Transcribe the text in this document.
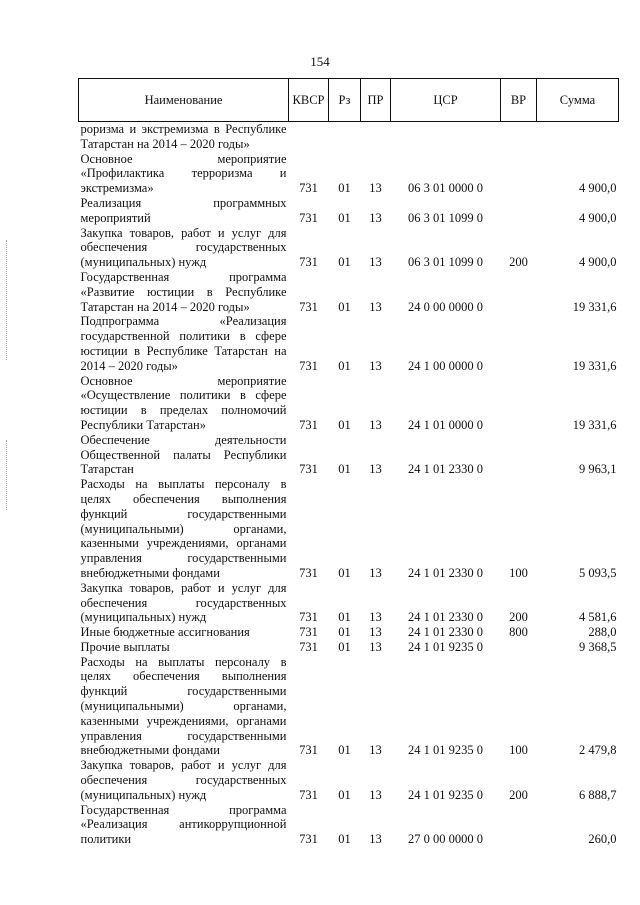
154
Наименование	КВСР	Рз	ПР	ЦСР	ВР	Сумма
роризма и экстремизма в Республике Татарстан на 2014 – 2020 годы»						
Основное мероприятие «Профилактика терроризма и экстремизма»	731	01	13	06 3 01 0000 0		4 900,0
Реализация программных мероприятий	731	01	13	06 3 01 1099 0		4 900,0
Закупка товаров, работ и услуг для обеспечения государственных (муниципальных) нужд	731	01	13	06 3 01 1099 0	200	4 900,0
Государственная программа «Развитие юстиции в Республике Татарстан на 2014 – 2020 годы»	731	01	13	24 0 00 0000 0		19 331,6
Подпрограмма «Реализация государственной политики в сфере юстиции в Республике Татарстан на 2014 – 2020 годы»	731	01	13	24 1 00 0000 0		19 331,6
Основное мероприятие «Осуществление политики в сфере юстиции в пределах полномочий Республики Татарстан»	731	01	13	24 1 01 0000 0		19 331,6
Обеспечение деятельности Общественной палаты Республики Татарстан	731	01	13	24 1 01 2330 0		9 963,1
Расходы на выплаты персоналу в целях обеспечения выполнения функций государственными (муниципальными) органами, казенными учреждениями, органами управления государственными внебюджетными фондами	731	01	13	24 1 01 2330 0	100	5 093,5
Закупка товаров, работ и услуг для обеспечения государственных (муниципальных) нужд	731	01	13	24 1 01 2330 0	200	4 581,6
Иные бюджетные ассигнования	731	01	13	24 1 01 2330 0	800	288,0
Прочие выплаты	731	01	13	24 1 01 9235 0		9 368,5
Расходы на выплаты персоналу в целях обеспечения выполнения функций государственными (муниципальными) органами, казенными учреждениями, органами управления государственными внебюджетными фондами	731	01	13	24 1 01 9235 0	100	2 479,8
Закупка товаров, работ и услуг для обеспечения государственных (муниципальных) нужд	731	01	13	24 1 01 9235 0	200	6 888,7
Государственная программа «Реализация антикоррупционной политики	731	01	13	27 0 00 0000 0		260,0
